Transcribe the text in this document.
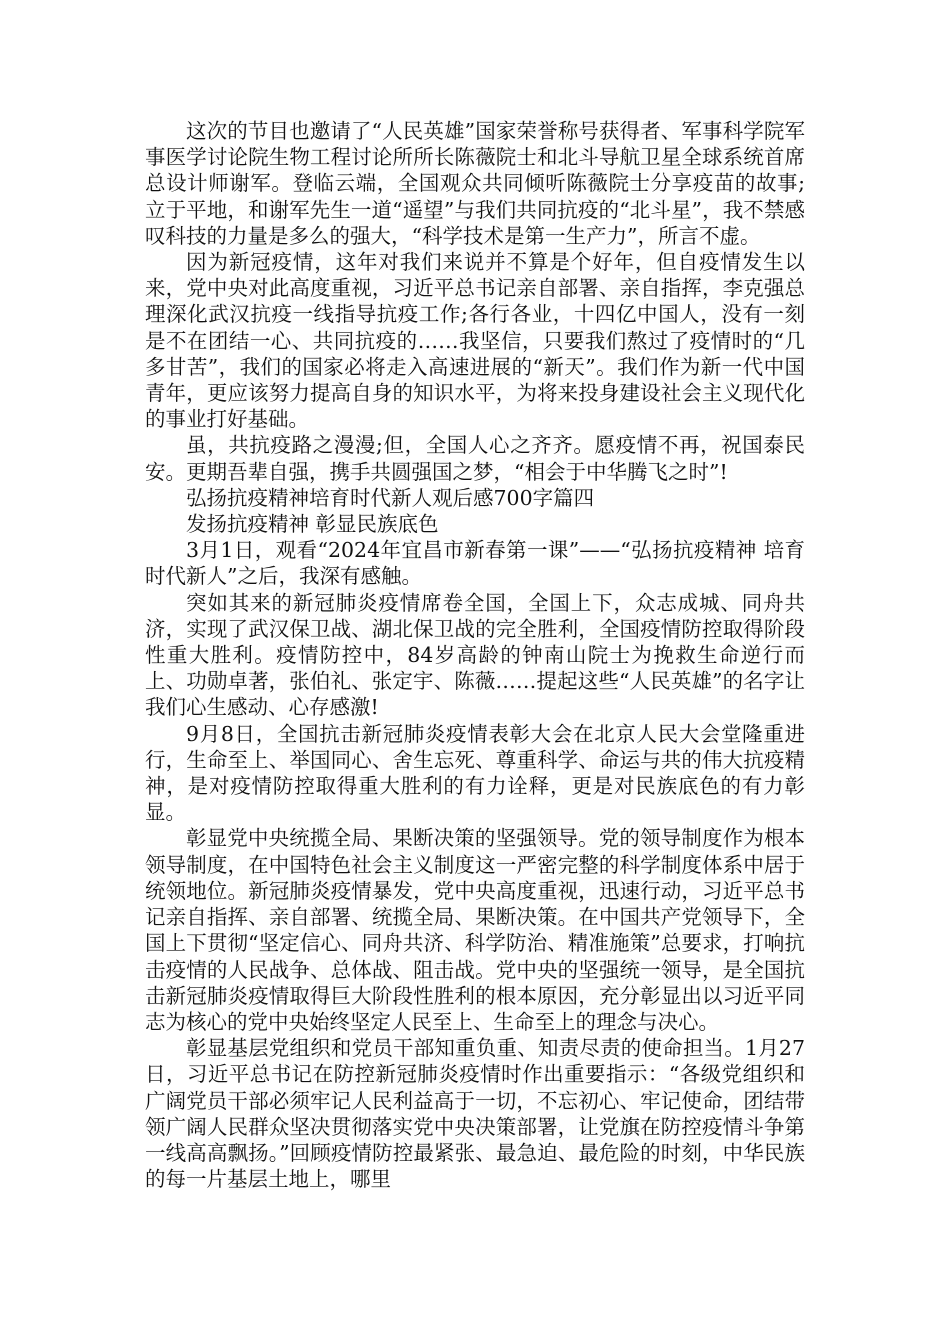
这次的节目也邀请了“人民英雄”国家荣誉称号获得者、军事科学院军事医学讨论院生物工程讨论所所长陈薇院士和北斗导航卫星全球系统首席总设计师谢军。登临云端，全国观众共同倾听陈薇院士分享疫苗的故事;立于平地，和谢军先生一道“遥望”与我们共同抗疫的“北斗星”，我不禁感叹科技的力量是多么的强大，“科学技术是第一生产力”，所言不虚。

因为新冠疫情，这年对我们来说并不算是个好年，但自疫情发生以来，党中央对此高度重视，习近平总书记亲自部署、亲自指挥，李克强总理深化武汉抗疫一线指导抗疫工作;各行各业，十四亿中国人，没有一刻是不在团结一心、共同抗疫的……我坚信，只要我们熬过了疫情时的“几多甘苦”，我们的国家必将走入高速进展的“新天”。我们作为新一代中国青年，更应该努力提高自身的知识水平，为将来投身建设社会主义现代化的事业打好基础。

虽，共抗疫路之漫漫;但，全国人心之齐齐。愿疫情不再，祝国泰民安。更期吾辈自强，携手共圆强国之梦，“相会于中华腾飞之时”!

弘扬抗疫精神培育时代新人观后感700字篇四

发扬抗疫精神 彰显民族底色

3月1日，观看“2024年宜昌市新春第一课”——“弘扬抗疫精神 培育时代新人”之后，我深有感触。

突如其来的新冠肺炎疫情席卷全国，全国上下，众志成城、同舟共济，实现了武汉保卫战、湖北保卫战的完全胜利，全国疫情防控取得阶段性重大胜利。疫情防控中，84岁高龄的钟南山院士为挽救生命逆行而上、功勋卓著，张伯礼、张定宇、陈薇……提起这些“人民英雄”的名字让我们心生感动、心存感激!

9月8日，全国抗击新冠肺炎疫情表彰大会在北京人民大会堂隆重进行，生命至上、举国同心、舍生忘死、尊重科学、命运与共的伟大抗疫精神，是对疫情防控取得重大胜利的有力诠释，更是对民族底色的有力彰显。

彰显党中央统揽全局、果断决策的坚强领导。党的领导制度作为根本领导制度，在中国特色社会主义制度这一严密完整的科学制度体系中居于统领地位。新冠肺炎疫情暴发，党中央高度重视，迅速行动，习近平总书记亲自指挥、亲自部署、统揽全局、果断决策。在中国共产党领导下，全国上下贯彻“坚定信心、同舟共济、科学防治、精准施策”总要求，打响抗击疫情的人民战争、总体战、阻击战。党中央的坚强统一领导，是全国抗击新冠肺炎疫情取得巨大阶段性胜利的根本原因，充分彰显出以习近平同志为核心的党中央始终坚定人民至上、生命至上的理念与决心。

彰显基层党组织和党员干部知重负重、知责尽责的使命担当。1月27日，习近平总书记在防控新冠肺炎疫情时作出重要指示：“各级党组织和广阔党员干部必须牢记人民利益高于一切，不忘初心、牢记使命，团结带领广阔人民群众坚决贯彻落实党中央决策部署，让党旗在防控疫情斗争第一线高高飘扬。”回顾疫情防控最紧张、最急迫、最危险的时刻，中华民族的每一片基层土地上，哪里
